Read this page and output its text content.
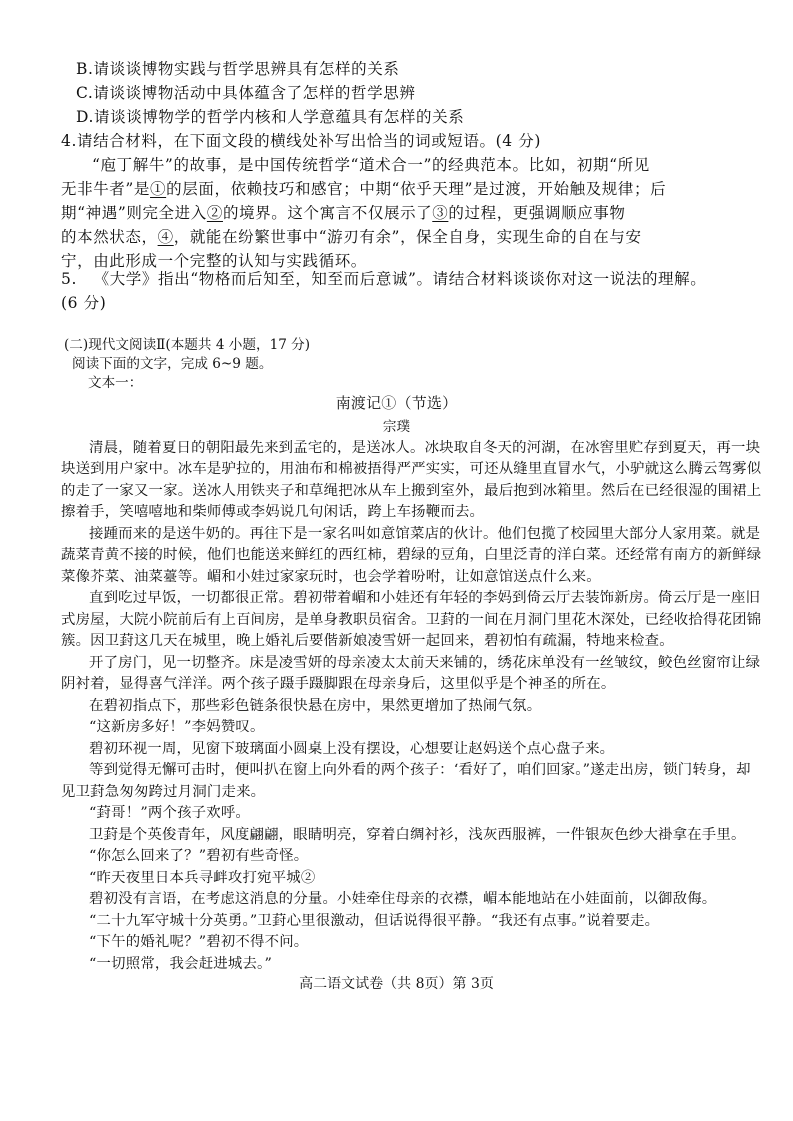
B.请谈谈博物实践与哲学思辨具有怎样的关系
C.请谈谈博物活动中具体蕴含了怎样的哲学思辨
D.请谈谈博物学的哲学内核和人学意蕴具有怎样的关系
4.请结合材料，在下面文段的横线处补写出恰当的词或短语。(4 分)
“庖丁解牛”的故事，是中国传统哲学“道术合一”的经典范本。比如，初期“所见
无非牛者”是①的层面，依赖技巧和感官；中期“依乎天理”是过渡，开始触及规律；后
期“神遇”则完全进入②的境界。这个寓言不仅展示了③的过程，更强调顺应事物
的本然状态，④，就能在纷繁世事中“游刃有余”，保全自身，实现生命的自在与安
宁，由此形成一个完整的认知与实践循环。
5. 《大学》指出“物格而后知至，知至而后意诚”。请结合材料谈谈你对这一说法的理解。
(6 分)
(二)现代文阅读Ⅱ(本题共 4 小题，17 分)
阅读下面的文字，完成 6~9 题。
文本一：
南渡记①（节选）
宗璞
清晨，随着夏日的朝阳最先来到孟宅的，是送冰人。冰块取自冬天的河湖，在冰窖里贮存到夏天，再一块
块送到用户家中。冰车是驴拉的，用油布和棉被捂得严严实实，可还从缝里直冒水气，小驴就这么腾云驾雾似
的走了一家又一家。送冰人用铁夹子和草绳把冰从车上搬到室外，最后抱到冰箱里。然后在已经很湿的围裙上
擦着手，笑嘻嘻地和柴师傅或李妈说几句闲话，跨上车扬鞭而去。
接踵而来的是送牛奶的。再往下是一家名叫如意馆菜店的伙计。他们包揽了校园里大部分人家用菜。就是
蔬菜青黄不接的时候，他们也能送来鲜红的西红柿，碧绿的豆角，白里泛青的洋白菜。还经常有南方的新鲜绿
菜像芥菜、油菜薹等。嵋和小娃过家家玩时，也会学着吩咐，让如意馆送点什么来。
直到吃过早饭，一切都很正常。碧初带着嵋和小娃还有年轻的李妈到倚云厅去装饰新房。倚云厅是一座旧
式房屋，大院小院前后有上百间房，是单身教职员宿舍。卫葑的一间在月洞门里花木深处，已经收拾得花团锦
簇。因卫葑这几天在城里，晚上婚礼后要偕新娘凌雪妍一起回来，碧初怕有疏漏，特地来检查。
开了房门，见一切整齐。床是凌雪妍的母亲凌太太前天来铺的，绣花床单没有一丝皱纹，鲛色丝窗帘让绿
阴衬着，显得喜气洋洋。两个孩子蹑手蹑脚跟在母亲身后，这里似乎是个神圣的所在。
在碧初指点下，那些彩色链条很快悬在房中，果然更增加了热闹气氛。
“这新房多好！”李妈赞叹。
碧初环视一周，见窗下玻璃面小圆桌上没有摆设，心想要让赵妈送个点心盘子来。
等到觉得无懈可击时，便叫扒在窗上向外看的两个孩子：‘看好了，咱们回家。”遂走出房，锁门转身，却
见卫葑急匆匆跨过月洞门走来。
“葑哥！”两个孩子欢呼。
卫葑是个英俊青年，风度翩翩，眼睛明亮，穿着白绸衬衫，浅灰西服裤，一件银灰色纱大褂拿在手里。
“你怎么回来了？”碧初有些奇怪。
“昨天夜里日本兵寻衅攻打宛平城②
碧初没有言语，在考虑这消息的分量。小娃牵住母亲的衣襟，嵋本能地站在小娃面前，以御敌侮。
“二十九军守城十分英勇。”卫葑心里很激动，但话说得很平静。“我还有点事。”说着要走。
“下午的婚礼呢？”碧初不得不问。
“一切照常，我会赶进城去。”
高二语文试卷（共 8页）第 3页
